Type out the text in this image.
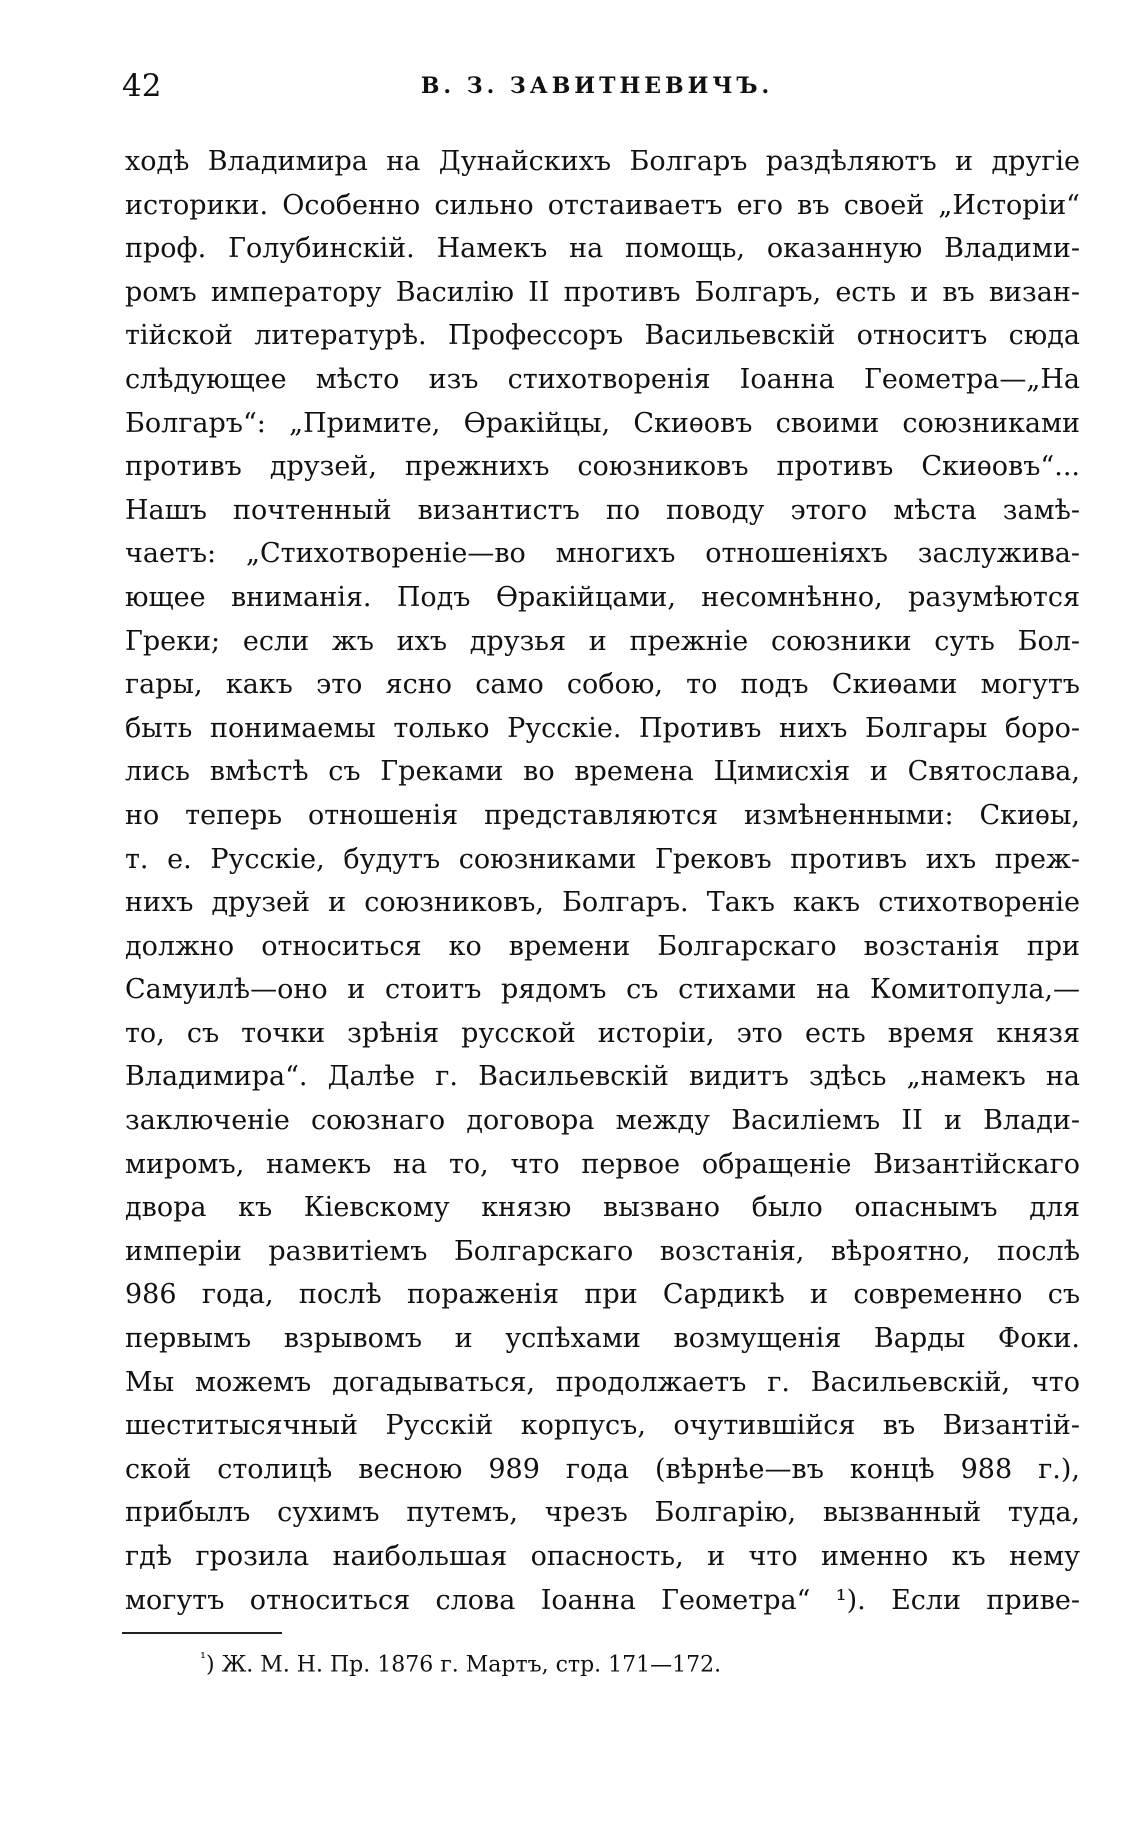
42	В. З. ЗАВИТНЕВИЧЪ.
ходѣ Владимира на Дунайскихъ Болгаръ раздѣляютъ и другіе
историки. Особенно сильно отстаиваетъ его въ своей „Исторіи“
проф. Голубинскій. Намекъ на помощь, оказанную Владими-
ромъ императору Василію II противъ Болгаръ, есть и въ визан-
тійской литературѣ. Профессоръ Васильевскій относитъ сюда
слѣдующее мѣсто изъ стихотворенія Іоанна Геометра—„На
Болгаръ“: „Примите, Ѳракійцы, Скиѳовъ своими союзниками
противъ друзей, прежнихъ союзниковъ противъ Скиѳовъ“...
Нашъ почтенный византистъ по поводу этого мѣста замѣ-
чаетъ: „Стихотвореніе—во многихъ отношеніяхъ заслужива-
ющее вниманія. Подъ Ѳракійцами, несомнѣнно, разумѣются
Греки; если жъ ихъ друзья и прежніе союзники суть Бол-
гары, какъ это ясно само собою, то подъ Скиѳами могутъ
быть понимаемы только Русскіе. Противъ нихъ Болгары боро-
лись вмѣстѣ съ Греками во времена Цимисхія и Святослава,
но теперь отношенія представляются измѣненными: Скиѳы,
т. е. Русскіе, будутъ союзниками Грековъ противъ ихъ преж-
нихъ друзей и союзниковъ, Болгаръ. Такъ какъ стихотвореніе
должно относиться ко времени Болгарскаго возстанія при
Самуилѣ—оно и стоитъ рядомъ съ стихами на Комитопула,—
то, съ точки зрѣнія русской исторіи, это есть время князя
Владимира“. Далѣе г. Васильевскій видитъ здѣсь „намекъ на
заключеніе союзнаго договора между Василіемъ II и Влади-
миромъ, намекъ на то, что первое обращеніе Византійскаго
двора къ Кіевскому князю вызвано было опаснымъ для
имперіи развитіемъ Болгарскаго возстанія, вѣроятно, послѣ
986 года, послѣ пораженія при Сардикѣ и современно съ
первымъ взрывомъ и успѣхами возмущенія Варды Фоки.
Мы можемъ догадываться, продолжаетъ г. Васильевскій, что
шеститысячный Русскій корпусъ, очутившійся въ Византій-
ской столицѣ весною 989 года (вѣрнѣе—въ концѣ 988 г.),
прибылъ сухимъ путемъ, чрезъ Болгарію, вызванный туда,
гдѣ грозила наибольшая опасность, и что именно къ нему
могутъ относиться слова Іоанна Геометра“ ¹). Если приве-
$^{^1}$) Ж. М. Н. Пр. 1876 г. Мартъ, стр. 171—172.
